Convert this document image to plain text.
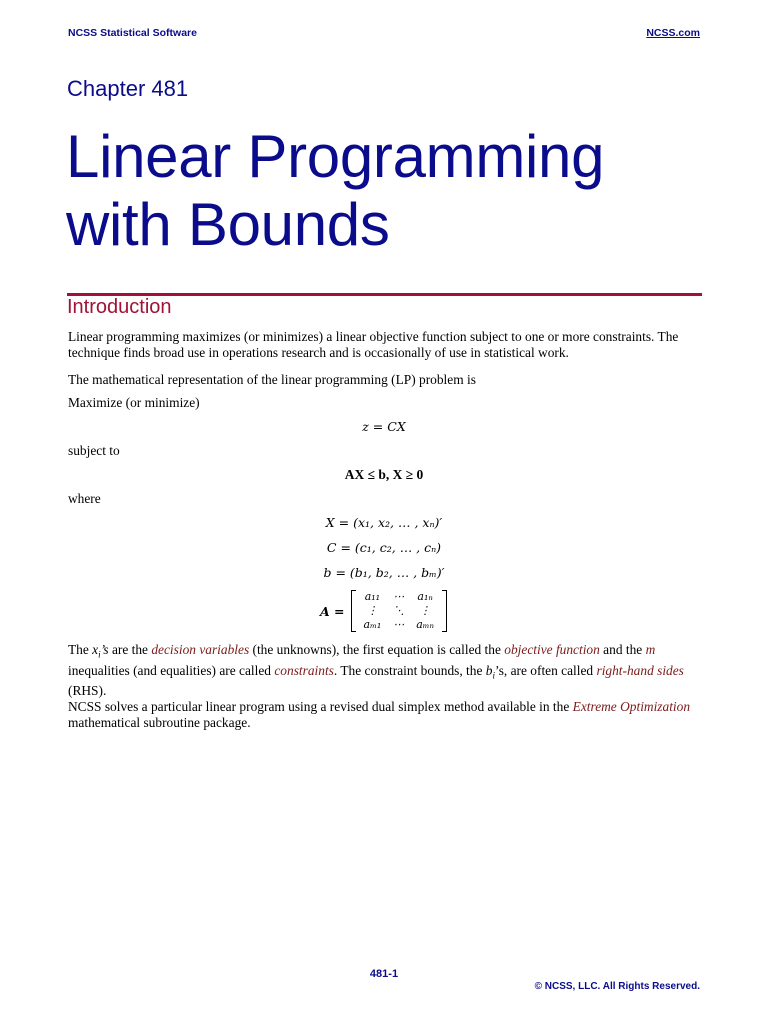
NCSS Statistical Software	NCSS.com
Chapter 481
Linear Programming
with Bounds
Introduction
Linear programming maximizes (or minimizes) a linear objective function subject to one or more constraints. The technique finds broad use in operations research and is occasionally of use in statistical work.
The mathematical representation of the linear programming (LP) problem is
Maximize (or minimize)
z = CX
subject to
AX ≤ b, X ≥ 0
where
X = (x₁, x₂, … , xₙ)′
C = (c₁, c₂, … , cₙ)
b = (b₁, b₂, … , bₘ)′
A =
a₁₁	⋯	a₁ₙ
⋮	⋱	⋮
aₘ₁	⋯	aₘₙ
The $x_i’s$ are the decision variables (the unknowns), the first equation is called the objective function and the m inequalities (and equalities) are called constraints. The constraint bounds, the $b_i’s$, are often called right-hand sides (RHS).
NCSS solves a particular linear program using a revised dual simplex method available in the Extreme Optimization mathematical subroutine package.
481-1
© NCSS, LLC. All Rights Reserved.
